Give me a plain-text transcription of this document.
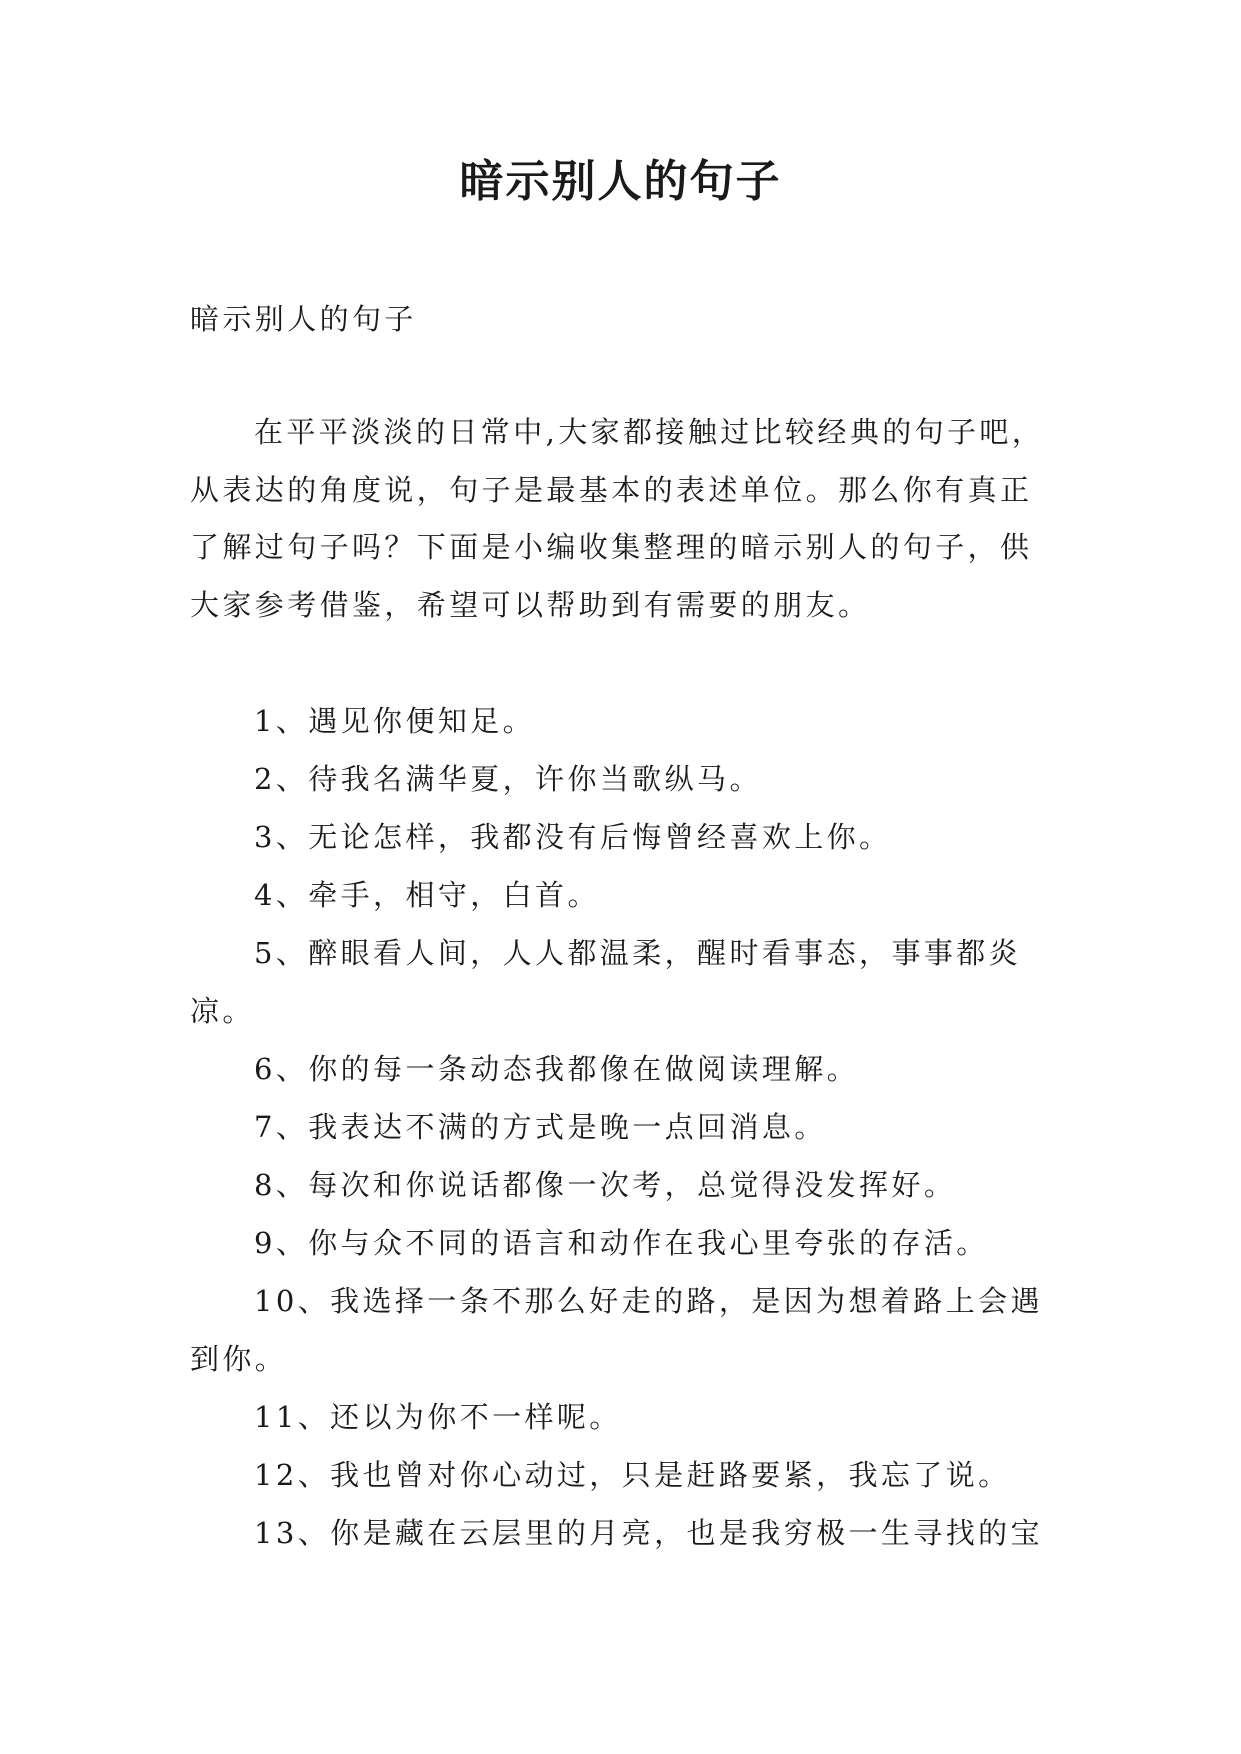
暗示别人的句子

暗示别人的句子

在平平淡淡的日常中,大家都接触过比较经典的句子吧，从表达的角度说，句子是最基本的表述单位。那么你有真正了解过句子吗？下面是小编收集整理的暗示别人的句子，供大家参考借鉴，希望可以帮助到有需要的朋友。

1、遇见你便知足。
2、待我名满华夏，许你当歌纵马。
3、无论怎样，我都没有后悔曾经喜欢上你。
4、牵手，相守，白首。
5、醉眼看人间，人人都温柔，醒时看事态，事事都炎凉。
6、你的每一条动态我都像在做阅读理解。
7、我表达不满的方式是晚一点回消息。
8、每次和你说话都像一次考，总觉得没发挥好。
9、你与众不同的语言和动作在我心里夸张的存活。
10、我选择一条不那么好走的路，是因为想着路上会遇到你。
11、还以为你不一样呢。
12、我也曾对你心动过，只是赶路要紧，我忘了说。
13、你是藏在云层里的月亮，也是我穷极一生寻找的宝
